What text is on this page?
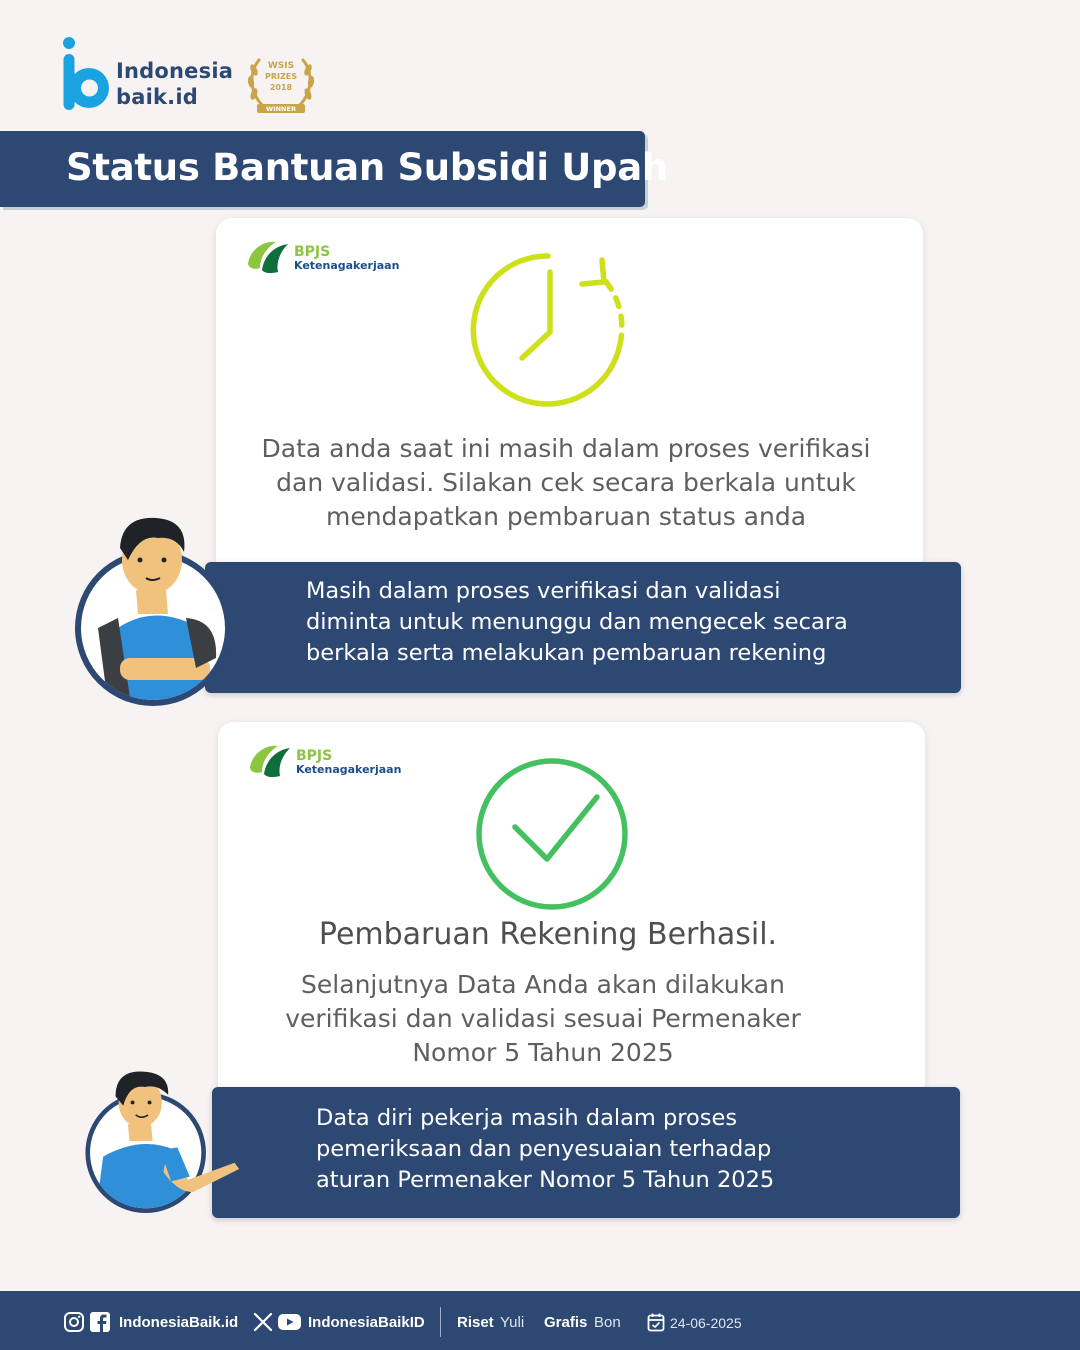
Indonesia
baik.id
WSIS
PRIZES
2018
WINNER
Status Bantuan Subsidi Upah
BPJS
Ketenagakerjaan
Data anda saat ini masih dalam proses verifikasi dan validasi. Silakan cek secara berkala untuk mendapatkan pembaruan status anda
Masih dalam proses verifikasi dan validasi
diminta untuk menunggu dan mengecek secara
berkala serta melakukan pembaruan rekening
BPJS
Ketenagakerjaan
Pembaruan Rekening Berhasil.
Selanjutnya Data Anda akan dilakukan verifikasi dan validasi sesuai Permenaker Nomor 5 Tahun 2025
Data diri pekerja masih dalam proses
pemeriksaan dan penyesuaian terhadap
aturan Permenaker Nomor 5 Tahun 2025
IndonesiaBaik.id	IndonesiaBaikID Riset Yuli Grafis Bon	24-06-2025
